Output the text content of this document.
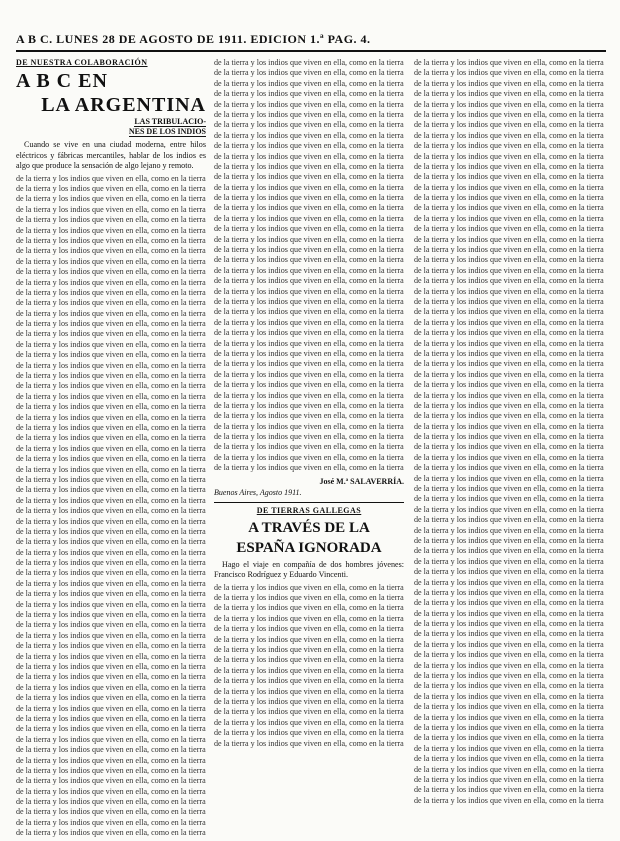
A B C. LUNES 28 DE AGOSTO DE 1911. EDICION 1.ª PAG. 4.
DE NUESTRA COLABORACIÓN
A B C EN
LA ARGENTINA
LAS TRIBULACIO-
NES DE LOS INDIOS

Cuando se vive en una ciudad moderna, entre hilos eléctricos y fábricas mercantiles, hablar de los indios es algo que produce la sensación de algo lejano y remoto.

de la tierra y los indios que viven en ella, como en la tierra y los indios que viven en ella, como en la tierra y los indios
de la tierra y los indios que viven en ella, como en la tierra y los indios que viven en ella, como en la tierra y los indios
de la tierra y los indios que viven en ella, como en la tierra y los indios que viven en ella, como en la tierra y los indios
de la tierra y los indios que viven en ella, como en la tierra y los indios que viven en ella, como en la tierra y los indios
de la tierra y los indios que viven en ella, como en la tierra y los indios que viven en ella, como en la tierra y los indios
de la tierra y los indios que viven en ella, como en la tierra y los indios que viven en ella, como en la tierra y los indios
de la tierra y los indios que viven en ella, como en la tierra y los indios que viven en ella, como en la tierra y los indios
de la tierra y los indios que viven en ella, como en la tierra y los indios que viven en ella, como en la tierra y los indios
de la tierra y los indios que viven en ella, como en la tierra y los indios que viven en ella, como en la tierra y los indios
de la tierra y los indios que viven en ella, como en la tierra y los indios que viven en ella, como en la tierra y los indios
de la tierra y los indios que viven en ella, como en la tierra y los indios que viven en ella, como en la tierra y los indios
de la tierra y los indios que viven en ella, como en la tierra y los indios que viven en ella, como en la tierra y los indios
de la tierra y los indios que viven en ella, como en la tierra y los indios que viven en ella, como en la tierra y los indios
de la tierra y los indios que viven en ella, como en la tierra y los indios que viven en ella, como en la tierra y los indios
de la tierra y los indios que viven en ella, como en la tierra y los indios que viven en ella, como en la tierra y los indios
de la tierra y los indios que viven en ella, como en la tierra y los indios que viven en ella, como en la tierra y los indios
de la tierra y los indios que viven en ella, como en la tierra y los indios que viven en ella, como en la tierra y los indios
de la tierra y los indios que viven en ella, como en la tierra y los indios que viven en ella, como en la tierra y los indios
de la tierra y los indios que viven en ella, como en la tierra y los indios que viven en ella, como en la tierra y los indios
de la tierra y los indios que viven en ella, como en la tierra y los indios que viven en ella, como en la tierra y los indios
de la tierra y los indios que viven en ella, como en la tierra y los indios que viven en ella, como en la tierra y los indios
de la tierra y los indios que viven en ella, como en la tierra y los indios que viven en ella, como en la tierra y los indios
de la tierra y los indios que viven en ella, como en la tierra y los indios que viven en ella, como en la tierra y los indios
de la tierra y los indios que viven en ella, como en la tierra y los indios que viven en ella, como en la tierra y los indios
de la tierra y los indios que viven en ella, como en la tierra y los indios que viven en ella, como en la tierra y los indios
de la tierra y los indios que viven en ella, como en la tierra y los indios que viven en ella, como en la tierra y los indios
de la tierra y los indios que viven en ella, como en la tierra y los indios que viven en ella, como en la tierra y los indios
de la tierra y los indios que viven en ella, como en la tierra y los indios que viven en ella, como en la tierra y los indios
de la tierra y los indios que viven en ella, como en la tierra y los indios que viven en ella, como en la tierra y los indios
de la tierra y los indios que viven en ella, como en la tierra y los indios que viven en ella, como en la tierra y los indios
de la tierra y los indios que viven en ella, como en la tierra y los indios que viven en ella, como en la tierra y los indios
de la tierra y los indios que viven en ella, como en la tierra y los indios que viven en ella, como en la tierra y los indios
de la tierra y los indios que viven en ella, como en la tierra y los indios que viven en ella, como en la tierra y los indios
de la tierra y los indios que viven en ella, como en la tierra y los indios que viven en ella, como en la tierra y los indios
de la tierra y los indios que viven en ella, como en la tierra y los indios que viven en ella, como en la tierra y los indios
de la tierra y los indios que viven en ella, como en la tierra y los indios que viven en ella, como en la tierra y los indios
de la tierra y los indios que viven en ella, como en la tierra y los indios que viven en ella, como en la tierra y los indios
de la tierra y los indios que viven en ella, como en la tierra y los indios que viven en ella, como en la tierra y los indios
de la tierra y los indios que viven en ella, como en la tierra y los indios que viven en ella, como en la tierra y los indios
de la tierra y los indios que viven en ella, como en la tierra y los indios que viven en ella, como en la tierra y los indios
de la tierra y los indios que viven en ella, como en la tierra y los indios que viven en ella, como en la tierra y los indios
de la tierra y los indios que viven en ella, como en la tierra y los indios que viven en ella, como en la tierra y los indios
de la tierra y los indios que viven en ella, como en la tierra y los indios que viven en ella, como en la tierra y los indios
de la tierra y los indios que viven en ella, como en la tierra y los indios que viven en ella, como en la tierra y los indios
de la tierra y los indios que viven en ella, como en la tierra y los indios que viven en ella, como en la tierra y los indios
de la tierra y los indios que viven en ella, como en la tierra y los indios que viven en ella, como en la tierra y los indios
de la tierra y los indios que viven en ella, como en la tierra y los indios que viven en ella, como en la tierra y los indios
de la tierra y los indios que viven en ella, como en la tierra y los indios que viven en ella, como en la tierra y los indios
de la tierra y los indios que viven en ella, como en la tierra y los indios que viven en ella, como en la tierra y los indios
de la tierra y los indios que viven en ella, como en la tierra y los indios que viven en ella, como en la tierra y los indios
de la tierra y los indios que viven en ella, como en la tierra y los indios que viven en ella, como en la tierra y los indios
de la tierra y los indios que viven en ella, como en la tierra y los indios que viven en ella, como en la tierra y los indios
de la tierra y los indios que viven en ella, como en la tierra y los indios que viven en ella, como en la tierra y los indios
de la tierra y los indios que viven en ella, como en la tierra y los indios que viven en ella, como en la tierra y los indios
de la tierra y los indios que viven en ella, como en la tierra y los indios que viven en ella, como en la tierra y los indios
de la tierra y los indios que viven en ella, como en la tierra y los indios que viven en ella, como en la tierra y los indios
de la tierra y los indios que viven en ella, como en la tierra y los indios que viven en ella, como en la tierra y los indios
de la tierra y los indios que viven en ella, como en la tierra y los indios que viven en ella, como en la tierra y los indios
de la tierra y los indios que viven en ella, como en la tierra y los indios que viven en ella, como en la tierra y los indios
de la tierra y los indios que viven en ella, como en la tierra y los indios que viven en ella, como en la tierra y los indios
de la tierra y los indios que viven en ella, como en la tierra y los indios que viven en ella, como en la tierra y los indios
de la tierra y los indios que viven en ella, como en la tierra y los indios que viven en ella, como en la tierra y los indios
de la tierra y los indios que viven en ella, como en la tierra y los indios que viven en ella, como en la tierra y los indios
de la tierra y los indios que viven en ella, como en la tierra y los indios que viven en ella, como en la tierra y los indios
de la tierra y los indios que viven en ella, como en la tierra y los indios que viven en ella, como en la tierra y los indios
de la tierra y los indios que viven en ella, como en la tierra y los indios que viven en ella, como en la tierra y los indios
de la tierra y los indios que viven en ella, como en la tierra y los indios que viven en ella, como en la tierra y los indios
de la tierra y los indios que viven en ella, como en la tierra y los indios que viven en ella, como en la tierra y los indios
de la tierra y los indios que viven en ella, como en la tierra y los indios que viven en ella, como en la tierra y los indios
de la tierra y los indios que viven en ella, como en la tierra y los indios que viven en ella, como en la tierra y los indios
de la tierra y los indios que viven en ella, como en la tierra y los indios que viven en ella, como en la tierra y los indios
de la tierra y los indios que viven en ella, como en la tierra y los indios que viven en ella, como en la tierra y los indios
de la tierra y los indios que viven en ella, como en la tierra y los indios que viven en ella, como en la tierra y los indios
de la tierra y los indios que viven en ella, como en la tierra y los indios que viven en ella, como en la tierra y los indios
de la tierra y los indios que viven en ella, como en la tierra y los indios que viven en ella, como en la tierra y los indios
de la tierra y los indios que viven en ella, como en la tierra y los indios que viven en ella, como en la tierra y los indios
de la tierra y los indios que viven en ella, como en la tierra y los indios que viven en ella, como en la tierra y los indios
de la tierra y los indios que viven en ella, como en la tierra y los indios que viven en ella, como en la tierra y los indios
de la tierra y los indios que viven en ella, como en la tierra y los indios que viven en ella, como en la tierra y los indios
de la tierra y los indios que viven en ella, como en la tierra y los indios que viven en ella, como en la tierra y los indios
de la tierra y los indios que viven en ella, como en la tierra y los indios que viven en ella, como en la tierra y los indios
de la tierra y los indios que viven en ella, como en la tierra y los indios que viven en ella, como en la tierra y los indios
de la tierra y los indios que viven en ella, como en la tierra y los indios que viven en ella, como en la tierra y los indios
de la tierra y los indios que viven en ella, como en la tierra y los indios que viven en ella, como en la tierra y los indios
de la tierra y los indios que viven en ella, como en la tierra y los indios que viven en ella, como en la tierra y los indios
de la tierra y los indios que viven en ella, como en la tierra y los indios que viven en ella, como en la tierra y los indios
de la tierra y los indios que viven en ella, como en la tierra y los indios que viven en ella, como en la tierra y los indios
de la tierra y los indios que viven en ella, como en la tierra y los indios que viven en ella, como en la tierra y los indios
de la tierra y los indios que viven en ella, como en la tierra y los indios que viven en ella, como en la tierra y los indios
de la tierra y los indios que viven en ella, como en la tierra y los indios que viven en ella, como en la tierra y los indios
de la tierra y los indios que viven en ella, como en la tierra y los indios que viven en ella, como en la tierra y los indios
de la tierra y los indios que viven en ella, como en la tierra y los indios que viven en ella, como en la tierra y los indios
de la tierra y los indios que viven en ella, como en la tierra y los indios que viven en ella, como en la tierra y los indios
de la tierra y los indios que viven en ella, como en la tierra y los indios que viven en ella, como en la tierra y los indios
de la tierra y los indios que viven en ella, como en la tierra y los indios que viven en ella, como en la tierra y los indios
de la tierra y los indios que viven en ella, como en la tierra y los indios que viven en ella, como en la tierra y los indios
de la tierra y los indios que viven en ella, como en la tierra y los indios que viven en ella, como en la tierra y los indios
de la tierra y los indios que viven en ella, como en la tierra y los indios que viven en ella, como en la tierra y los indios
de la tierra y los indios que viven en ella, como en la tierra y los indios que viven en ella, como en la tierra y los indios
de la tierra y los indios que viven en ella, como en la tierra y los indios que viven en ella, como en la tierra y los indios
de la tierra y los indios que viven en ella, como en la tierra y los indios que viven en ella, como en la tierra y los indios
de la tierra y los indios que viven en ella, como en la tierra y los indios que viven en ella, como en la tierra y los indios
de la tierra y los indios que viven en ella, como en la tierra y los indios que viven en ella, como en la tierra y los indios
de la tierra y los indios que viven en ella, como en la tierra y los indios que viven en ella, como en la tierra y los indios
José M.ª SALAVERRÍA.
Buenos Aires, Agosto 1911.
DE TIERRAS GALLEGAS
A TRAVÉS DE LA
ESPAÑA IGNORADA

Hago el viaje en compañía de dos hombres jóvenes: Francisco Rodríguez y Eduardo Vincenti.

de la tierra y los indios que viven en ella, como en la tierra y los indios que viven en ella, como en la tierra y los indios
de la tierra y los indios que viven en ella, como en la tierra y los indios que viven en ella, como en la tierra y los indios
de la tierra y los indios que viven en ella, como en la tierra y los indios que viven en ella, como en la tierra y los indios
de la tierra y los indios que viven en ella, como en la tierra y los indios que viven en ella, como en la tierra y los indios
de la tierra y los indios que viven en ella, como en la tierra y los indios que viven en ella, como en la tierra y los indios
de la tierra y los indios que viven en ella, como en la tierra y los indios que viven en ella, como en la tierra y los indios
de la tierra y los indios que viven en ella, como en la tierra y los indios que viven en ella, como en la tierra y los indios
de la tierra y los indios que viven en ella, como en la tierra y los indios que viven en ella, como en la tierra y los indios
de la tierra y los indios que viven en ella, como en la tierra y los indios que viven en ella, como en la tierra y los indios
de la tierra y los indios que viven en ella, como en la tierra y los indios que viven en ella, como en la tierra y los indios
de la tierra y los indios que viven en ella, como en la tierra y los indios que viven en ella, como en la tierra y los indios
de la tierra y los indios que viven en ella, como en la tierra y los indios que viven en ella, como en la tierra y los indios
de la tierra y los indios que viven en ella, como en la tierra y los indios que viven en ella, como en la tierra y los indios
de la tierra y los indios que viven en ella, como en la tierra y los indios que viven en ella, como en la tierra y los indios
de la tierra y los indios que viven en ella, como en la tierra y los indios que viven en ella, como en la tierra y los indios
de la tierra y los indios que viven en ella, como en la tierra y los indios que viven en ella, como en la tierra y los indios
de la tierra y los indios que viven en ella, como en la tierra y los indios que viven en ella, como en la tierra y los indios
de la tierra y los indios que viven en ella, como en la tierra y los indios que viven en ella, como en la tierra y los indios
de la tierra y los indios que viven en ella, como en la tierra y los indios que viven en ella, como en la tierra y los indios
de la tierra y los indios que viven en ella, como en la tierra y los indios que viven en ella, como en la tierra y los indios
de la tierra y los indios que viven en ella, como en la tierra y los indios que viven en ella, como en la tierra y los indios
de la tierra y los indios que viven en ella, como en la tierra y los indios que viven en ella, como en la tierra y los indios
de la tierra y los indios que viven en ella, como en la tierra y los indios que viven en ella, como en la tierra y los indios
de la tierra y los indios que viven en ella, como en la tierra y los indios que viven en ella, como en la tierra y los indios
de la tierra y los indios que viven en ella, como en la tierra y los indios que viven en ella, como en la tierra y los indios
de la tierra y los indios que viven en ella, como en la tierra y los indios que viven en ella, como en la tierra y los indios
de la tierra y los indios que viven en ella, como en la tierra y los indios que viven en ella, como en la tierra y los indios
de la tierra y los indios que viven en ella, como en la tierra y los indios que viven en ella, como en la tierra y los indios
de la tierra y los indios que viven en ella, como en la tierra y los indios que viven en ella, como en la tierra y los indios
de la tierra y los indios que viven en ella, como en la tierra y los indios que viven en ella, como en la tierra y los indios
de la tierra y los indios que viven en ella, como en la tierra y los indios que viven en ella, como en la tierra y los indios
de la tierra y los indios que viven en ella, como en la tierra y los indios que viven en ella, como en la tierra y los indios
de la tierra y los indios que viven en ella, como en la tierra y los indios que viven en ella, como en la tierra y los indios
de la tierra y los indios que viven en ella, como en la tierra y los indios que viven en ella, como en la tierra y los indios
de la tierra y los indios que viven en ella, como en la tierra y los indios que viven en ella, como en la tierra y los indios
de la tierra y los indios que viven en ella, como en la tierra y los indios que viven en ella, como en la tierra y los indios
de la tierra y los indios que viven en ella, como en la tierra y los indios que viven en ella, como en la tierra y los indios
de la tierra y los indios que viven en ella, como en la tierra y los indios que viven en ella, como en la tierra y los indios
de la tierra y los indios que viven en ella, como en la tierra y los indios que viven en ella, como en la tierra y los indios
de la tierra y los indios que viven en ella, como en la tierra y los indios que viven en ella, como en la tierra y los indios
de la tierra y los indios que viven en ella, como en la tierra y los indios que viven en ella, como en la tierra y los indios
de la tierra y los indios que viven en ella, como en la tierra y los indios que viven en ella, como en la tierra y los indios
de la tierra y los indios que viven en ella, como en la tierra y los indios que viven en ella, como en la tierra y los indios
de la tierra y los indios que viven en ella, como en la tierra y los indios que viven en ella, como en la tierra y los indios
de la tierra y los indios que viven en ella, como en la tierra y los indios que viven en ella, como en la tierra y los indios
de la tierra y los indios que viven en ella, como en la tierra y los indios que viven en ella, como en la tierra y los indios
de la tierra y los indios que viven en ella, como en la tierra y los indios que viven en ella, como en la tierra y los indios
de la tierra y los indios que viven en ella, como en la tierra y los indios que viven en ella, como en la tierra y los indios
de la tierra y los indios que viven en ella, como en la tierra y los indios que viven en ella, como en la tierra y los indios
de la tierra y los indios que viven en ella, como en la tierra y los indios que viven en ella, como en la tierra y los indios
de la tierra y los indios que viven en ella, como en la tierra y los indios que viven en ella, como en la tierra y los indios
de la tierra y los indios que viven en ella, como en la tierra y los indios que viven en ella, como en la tierra y los indios
de la tierra y los indios que viven en ella, como en la tierra y los indios que viven en ella, como en la tierra y los indios
de la tierra y los indios que viven en ella, como en la tierra y los indios que viven en ella, como en la tierra y los indios
de la tierra y los indios que viven en ella, como en la tierra y los indios que viven en ella, como en la tierra y los indios
de la tierra y los indios que viven en ella, como en la tierra y los indios que viven en ella, como en la tierra y los indios
de la tierra y los indios que viven en ella, como en la tierra y los indios que viven en ella, como en la tierra y los indios
de la tierra y los indios que viven en ella, como en la tierra y los indios que viven en ella, como en la tierra y los indios
de la tierra y los indios que viven en ella, como en la tierra y los indios que viven en ella, como en la tierra y los indios
de la tierra y los indios que viven en ella, como en la tierra y los indios que viven en ella, como en la tierra y los indios
de la tierra y los indios que viven en ella, como en la tierra y los indios que viven en ella, como en la tierra y los indios
de la tierra y los indios que viven en ella, como en la tierra y los indios que viven en ella, como en la tierra y los indios
de la tierra y los indios que viven en ella, como en la tierra y los indios que viven en ella, como en la tierra y los indios
de la tierra y los indios que viven en ella, como en la tierra y los indios que viven en ella, como en la tierra y los indios
de la tierra y los indios que viven en ella, como en la tierra y los indios que viven en ella, como en la tierra y los indios
de la tierra y los indios que viven en ella, como en la tierra y los indios que viven en ella, como en la tierra y los indios
de la tierra y los indios que viven en ella, como en la tierra y los indios que viven en ella, como en la tierra y los indios
de la tierra y los indios que viven en ella, como en la tierra y los indios que viven en ella, como en la tierra y los indios
de la tierra y los indios que viven en ella, como en la tierra y los indios que viven en ella, como en la tierra y los indios
de la tierra y los indios que viven en ella, como en la tierra y los indios que viven en ella, como en la tierra y los indios
de la tierra y los indios que viven en ella, como en la tierra y los indios que viven en ella, como en la tierra y los indios
de la tierra y los indios que viven en ella, como en la tierra y los indios que viven en ella, como en la tierra y los indios
de la tierra y los indios que viven en ella, como en la tierra y los indios que viven en ella, como en la tierra y los indios
de la tierra y los indios que viven en ella, como en la tierra y los indios que viven en ella, como en la tierra y los indios
de la tierra y los indios que viven en ella, como en la tierra y los indios que viven en ella, como en la tierra y los indios
de la tierra y los indios que viven en ella, como en la tierra y los indios que viven en ella, como en la tierra y los indios
de la tierra y los indios que viven en ella, como en la tierra y los indios que viven en ella, como en la tierra y los indios
de la tierra y los indios que viven en ella, como en la tierra y los indios que viven en ella, como en la tierra y los indios
de la tierra y los indios que viven en ella, como en la tierra y los indios que viven en ella, como en la tierra y los indios
de la tierra y los indios que viven en ella, como en la tierra y los indios que viven en ella, como en la tierra y los indios
de la tierra y los indios que viven en ella, como en la tierra y los indios que viven en ella, como en la tierra y los indios
de la tierra y los indios que viven en ella, como en la tierra y los indios que viven en ella, como en la tierra y los indios
de la tierra y los indios que viven en ella, como en la tierra y los indios que viven en ella, como en la tierra y los indios
de la tierra y los indios que viven en ella, como en la tierra y los indios que viven en ella, como en la tierra y los indios
de la tierra y los indios que viven en ella, como en la tierra y los indios que viven en ella, como en la tierra y los indios
de la tierra y los indios que viven en ella, como en la tierra y los indios que viven en ella, como en la tierra y los indios
de la tierra y los indios que viven en ella, como en la tierra y los indios que viven en ella, como en la tierra y los indios
de la tierra y los indios que viven en ella, como en la tierra y los indios que viven en ella, como en la tierra y los indios
